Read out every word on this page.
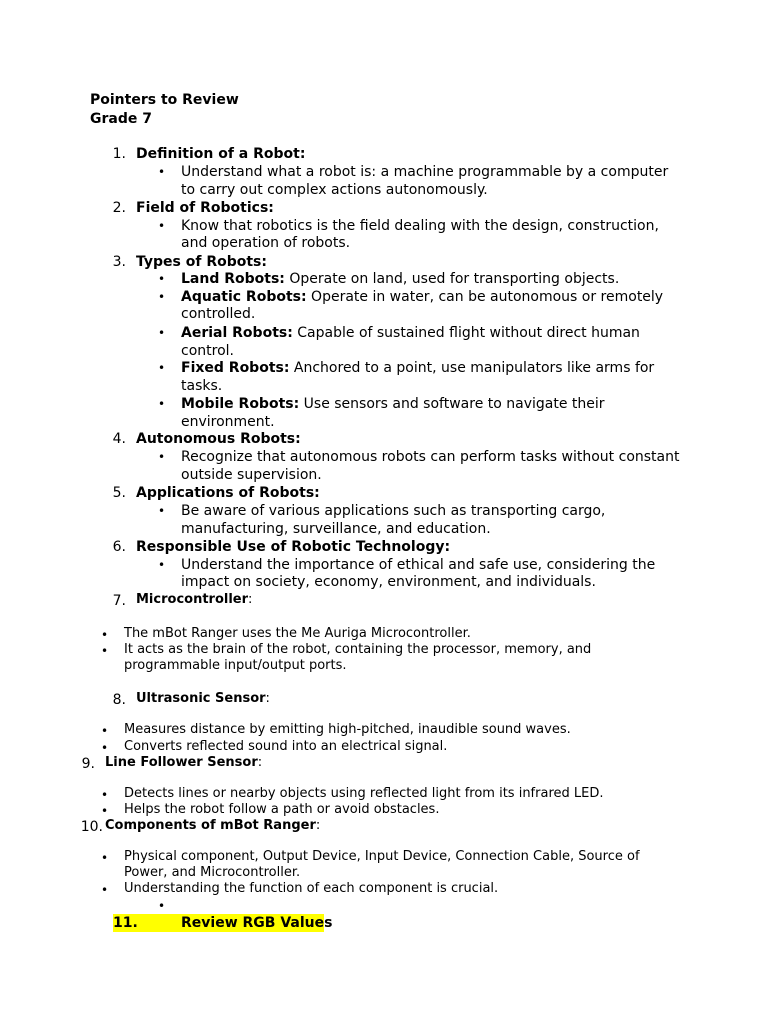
Pointers to Review
Grade 7
1. Definition of a Robot:
• Understand what a robot is: a machine programmable by a computer
to carry out complex actions autonomously.
2. Field of Robotics:
• Know that robotics is the field dealing with the design, construction,
and operation of robots.
3. Types of Robots:
• Land Robots: Operate on land, used for transporting objects.
• Aquatic Robots: Operate in water, can be autonomous or remotely
controlled.
• Aerial Robots: Capable of sustained flight without direct human
control.
• Fixed Robots: Anchored to a point, use manipulators like arms for
tasks.
• Mobile Robots: Use sensors and software to navigate their
environment.
4. Autonomous Robots:
• Recognize that autonomous robots can perform tasks without constant
outside supervision.
5. Applications of Robots:
• Be aware of various applications such as transporting cargo,
manufacturing, surveillance, and education.
6. Responsible Use of Robotic Technology:
• Understand the importance of ethical and safe use, considering the
impact on society, economy, environment, and individuals.
7. Microcontroller:
• The mBot Ranger uses the Me Auriga Microcontroller.
• It acts as the brain of the robot, containing the processor, memory, and
programmable input/output ports.
8. Ultrasonic Sensor:
• Measures distance by emitting high-pitched, inaudible sound waves.
• Converts reflected sound into an electrical signal.
9. Line Follower Sensor:
• Detects lines or nearby objects using reflected light from its infrared LED.
• Helps the robot follow a path or avoid obstacles.
10. Components of mBot Ranger:
• Physical component, Output Device, Input Device, Connection Cable, Source of
Power, and Microcontroller.
• Understanding the function of each component is crucial.
•
11.	Review RGB Values
